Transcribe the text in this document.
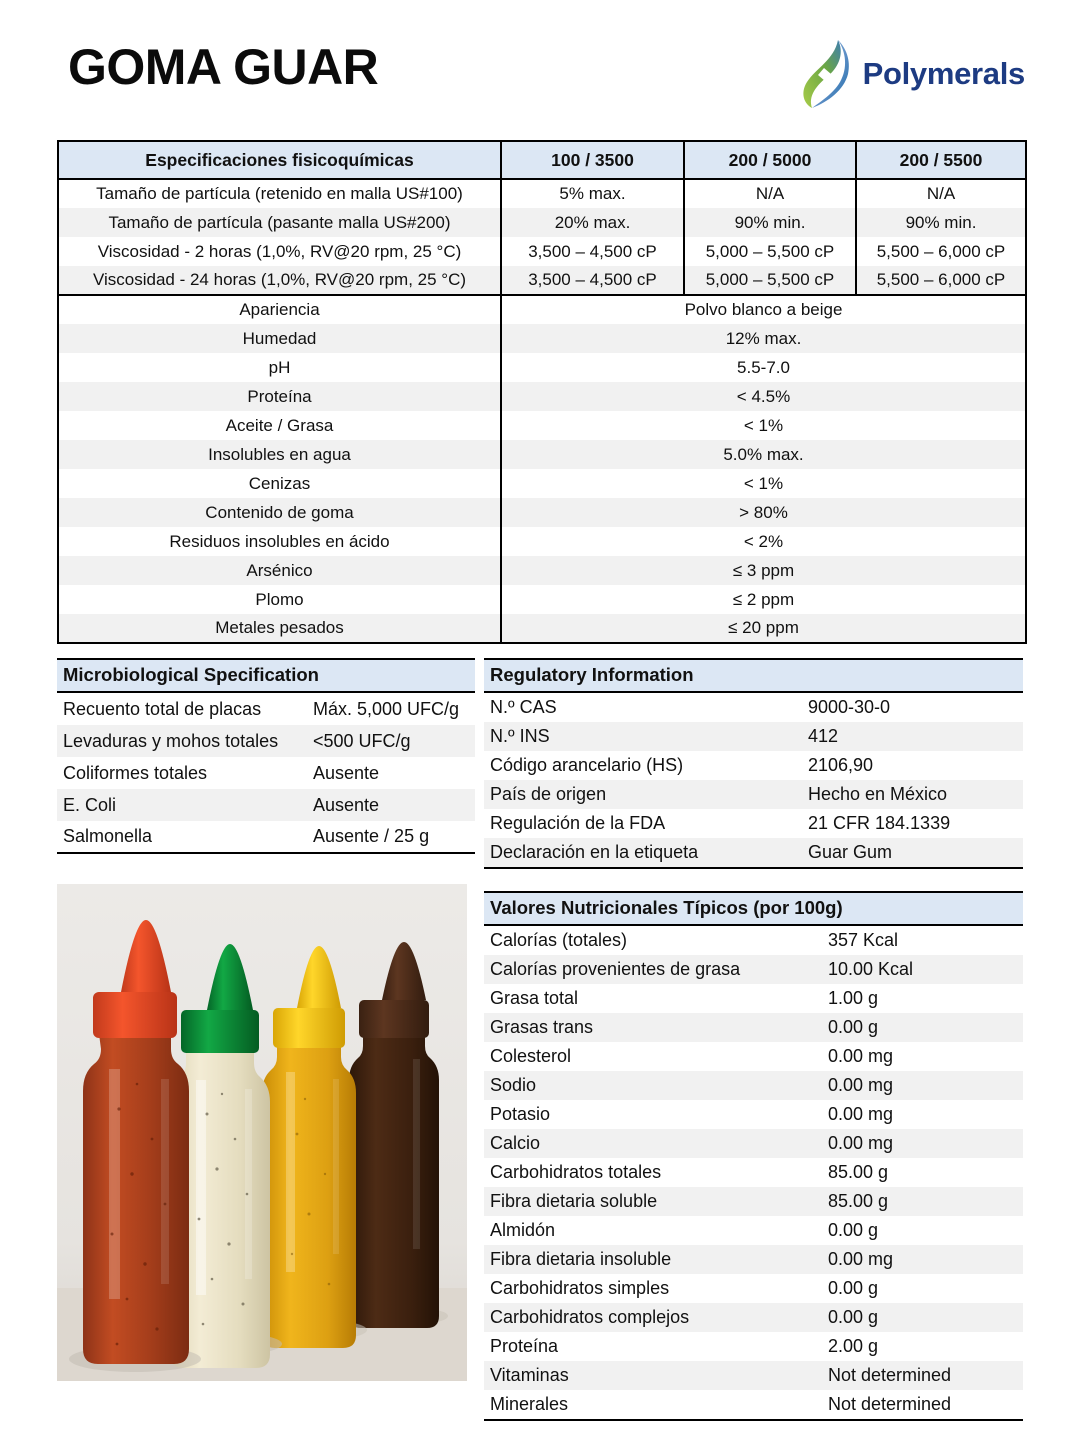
GOMA GUAR	Polymerals
Especificaciones fisicoquímicas	100 / 3500	200 / 5000	200 / 5500
Tamaño de partícula (retenido en malla US#100)	5% max.	N/A	N/A
Tamaño de partícula (pasante malla US#200)	20% max.	90% min.	90% min.
Viscosidad - 2 horas (1,0%, RV@20 rpm, 25 °C)	3,500 – 4,500 cP	5,000 – 5,500 cP	5,500 – 6,000 cP
Viscosidad - 24 horas (1,0%, RV@20 rpm, 25 °C)	3,500 – 4,500 cP	5,000 – 5,500 cP	5,500 – 6,000 cP
Apariencia	Polvo blanco a beige		
Humedad	12% max.		
pH	5.5-7.0		
Proteína	< 4.5%		
Aceite / Grasa	< 1%		
Insolubles en agua	5.0% max.		
Cenizas	< 1%		
Contenido de goma	> 80%		
Residuos insolubles en ácido	< 2%		
Arsénico	≤ 3 ppm		
Plomo	≤ 2 ppm		
Metales pesados	≤ 20 ppm		
Microbiological Specification
Recuento total de placas	Máx. 5,000 UFC/g
Levaduras y mohos totales	<500 UFC/g
Coliformes totales	Ausente
E. Coli	Ausente
Salmonella	Ausente / 25 g
Regulatory Information
N.º CAS	9000-30-0
N.º INS	412
Código arancelario (HS)	2106,90
País de origen	Hecho en México
Regulación de la FDA	21 CFR 184.1339
Declaración en la etiqueta	Guar Gum
Valores Nutricionales Típicos (por 100g)
Calorías (totales)	357 Kcal
Calorías provenientes de grasa	10.00 Kcal
Grasa total	1.00 g
Grasas trans	0.00 g
Colesterol	0.00 mg
Sodio	0.00 mg
Potasio	0.00 mg
Calcio	0.00 mg
Carbohidratos totales	85.00 g
Fibra dietaria soluble	85.00 g
Almidón	0.00 g
Fibra dietaria insoluble	0.00 mg
Carbohidratos simples	0.00 g
Carbohidratos complejos	0.00 g
Proteína	2.00 g
Vitaminas	Not determined
Minerales	Not determined
